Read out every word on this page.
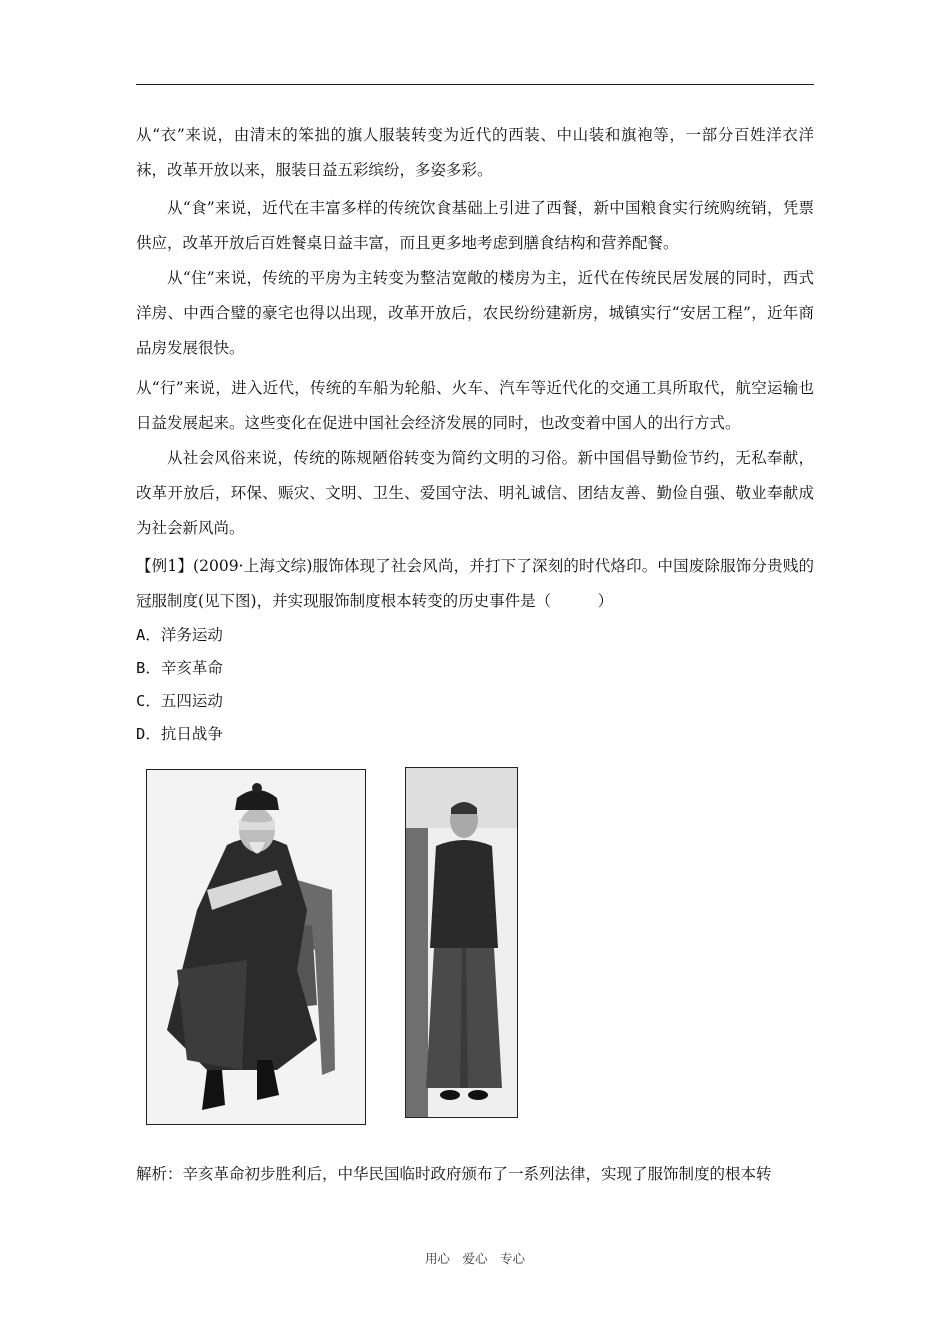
从“衣”来说，由清末的笨拙的旗人服装转变为近代的西装、中山装和旗袍等，一部分百姓洋衣洋袜，改革开放以来，服装日益五彩缤纷，多姿多彩。

从“食”来说，近代在丰富多样的传统饮食基础上引进了西餐，新中国粮食实行统购统销，凭票供应，改革开放后百姓餐桌日益丰富，而且更多地考虑到膳食结构和营养配餐。

从“住”来说，传统的平房为主转变为整洁宽敞的楼房为主，近代在传统民居发展的同时，西式洋房、中西合璧的豪宅也得以出现，改革开放后，农民纷纷建新房，城镇实行“安居工程”，近年商品房发展很快。

从“行”来说，进入近代，传统的车船为轮船、火车、汽车等近代化的交通工具所取代，航空运输也日益发展起来。这些变化在促进中国社会经济发展的同时，也改变着中国人的出行方式。

从社会风俗来说，传统的陈规陋俗转变为简约文明的习俗。新中国倡导勤俭节约，无私奉献，改革开放后，环保、赈灾、文明、卫生、爱国守法、明礼诚信、团结友善、勤俭自强、敬业奉献成为社会新风尚。

【例1】(2009·上海文综)服饰体现了社会风尚，并打下了深刻的时代烙印。中国废除服饰分贵贱的冠服制度(见下图)，并实现服饰制度根本转变的历史事件是（　　　）

A．洋务运动
B．辛亥革命
C．五四运动
D．抗日战争

解析：辛亥革命初步胜利后，中华民国临时政府颁布了一系列法律，实现了服饰制度的根本转

用心　爱心　专心
